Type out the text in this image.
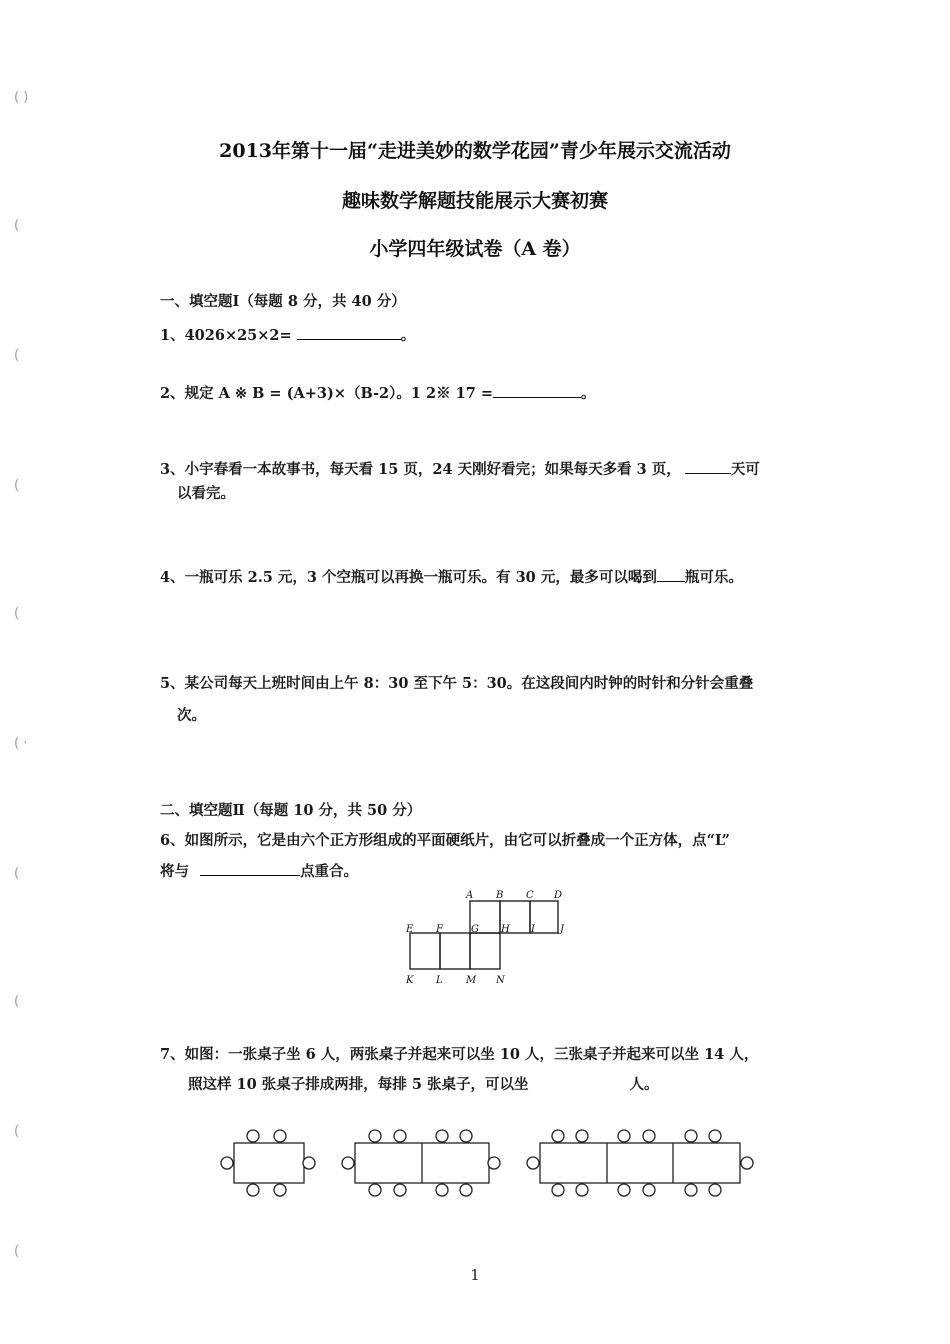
( )
(
(
(
(
( ·
(
(
(
(
2013年第十一届“走进美妙的数学花园”青少年展示交流活动
趣味数学解题技能展示大赛初赛
小学四年级试卷（A 卷）
一、填空题Ⅰ（每题 8 分，共 40 分）
1、4026×25×2=	。
2、规定 A ※ B = (A+3)×（B-2）。1 2※ 17 =	。
3、小宇春看一本故事书，每天看 15 页，24 天刚好看完；如果每天多看 3 页，	天可
以看完。
4、一瓶可乐 2.5 元，3 个空瓶可以再换一瓶可乐。有 30 元，最多可以喝到 瓶可乐。
5、某公司每天上班时间由上午 8：30 至下午 5：30。在这段间内时钟的时针和分针会重叠
次。
二、填空题Ⅱ（每题 10 分，共 50 分）
6、如图所示，它是由六个正方形组成的平面硬纸片，由它可以折叠成一个正方体，点“L”
将与	点重合。
A B C D
E F	G H I	J
K L M N
7、如图：一张桌子坐 6 人，两张桌子并起来可以坐 10 人，三张桌子并起来可以坐 14 人，
照这样 10 张桌子排成两排，每排 5 张桌子，可以坐	人。
1
